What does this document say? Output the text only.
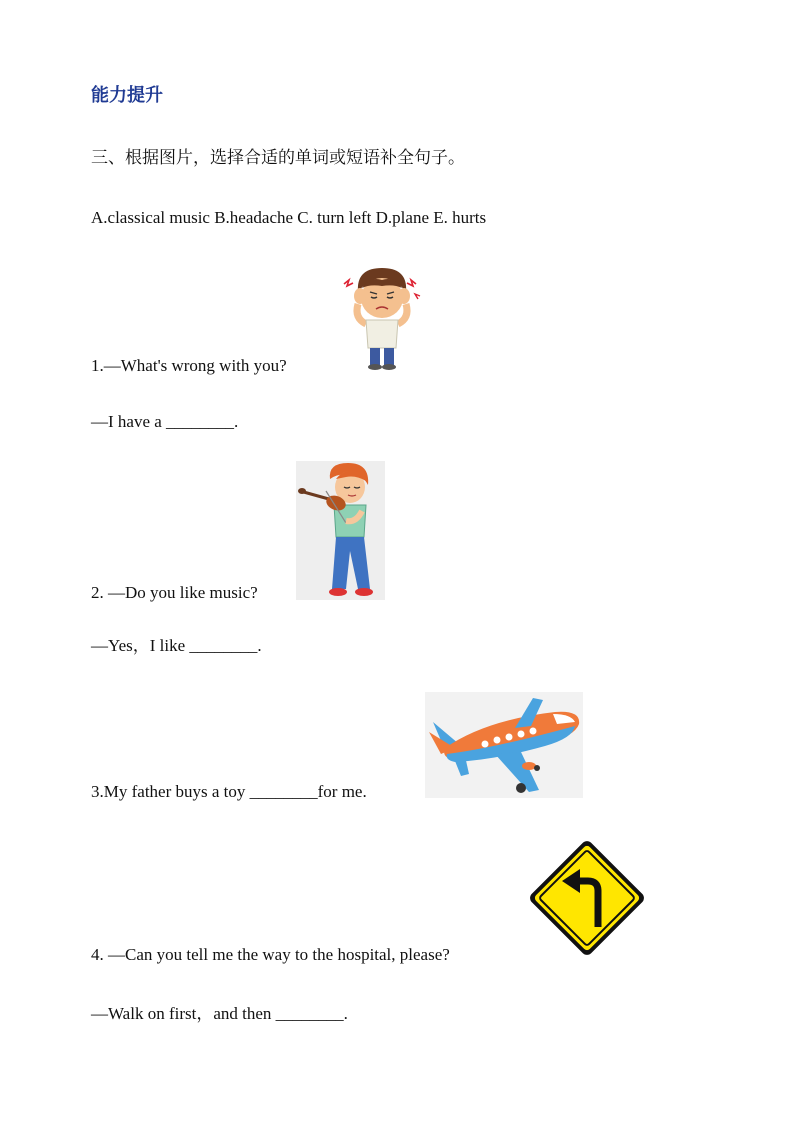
能力提升
三、根据图片，选择合适的单词或短语补全句子。
A.classical music B.headache C. turn left D.plane E. hurts
1.—What's wrong with you?
—I have a ________.
2. —Do you like music?
—Yes，I like ________.
3.My father buys a toy ________for me.
4. —Can you tell me the way to the hospital, please?
—Walk on first，and then ________.
